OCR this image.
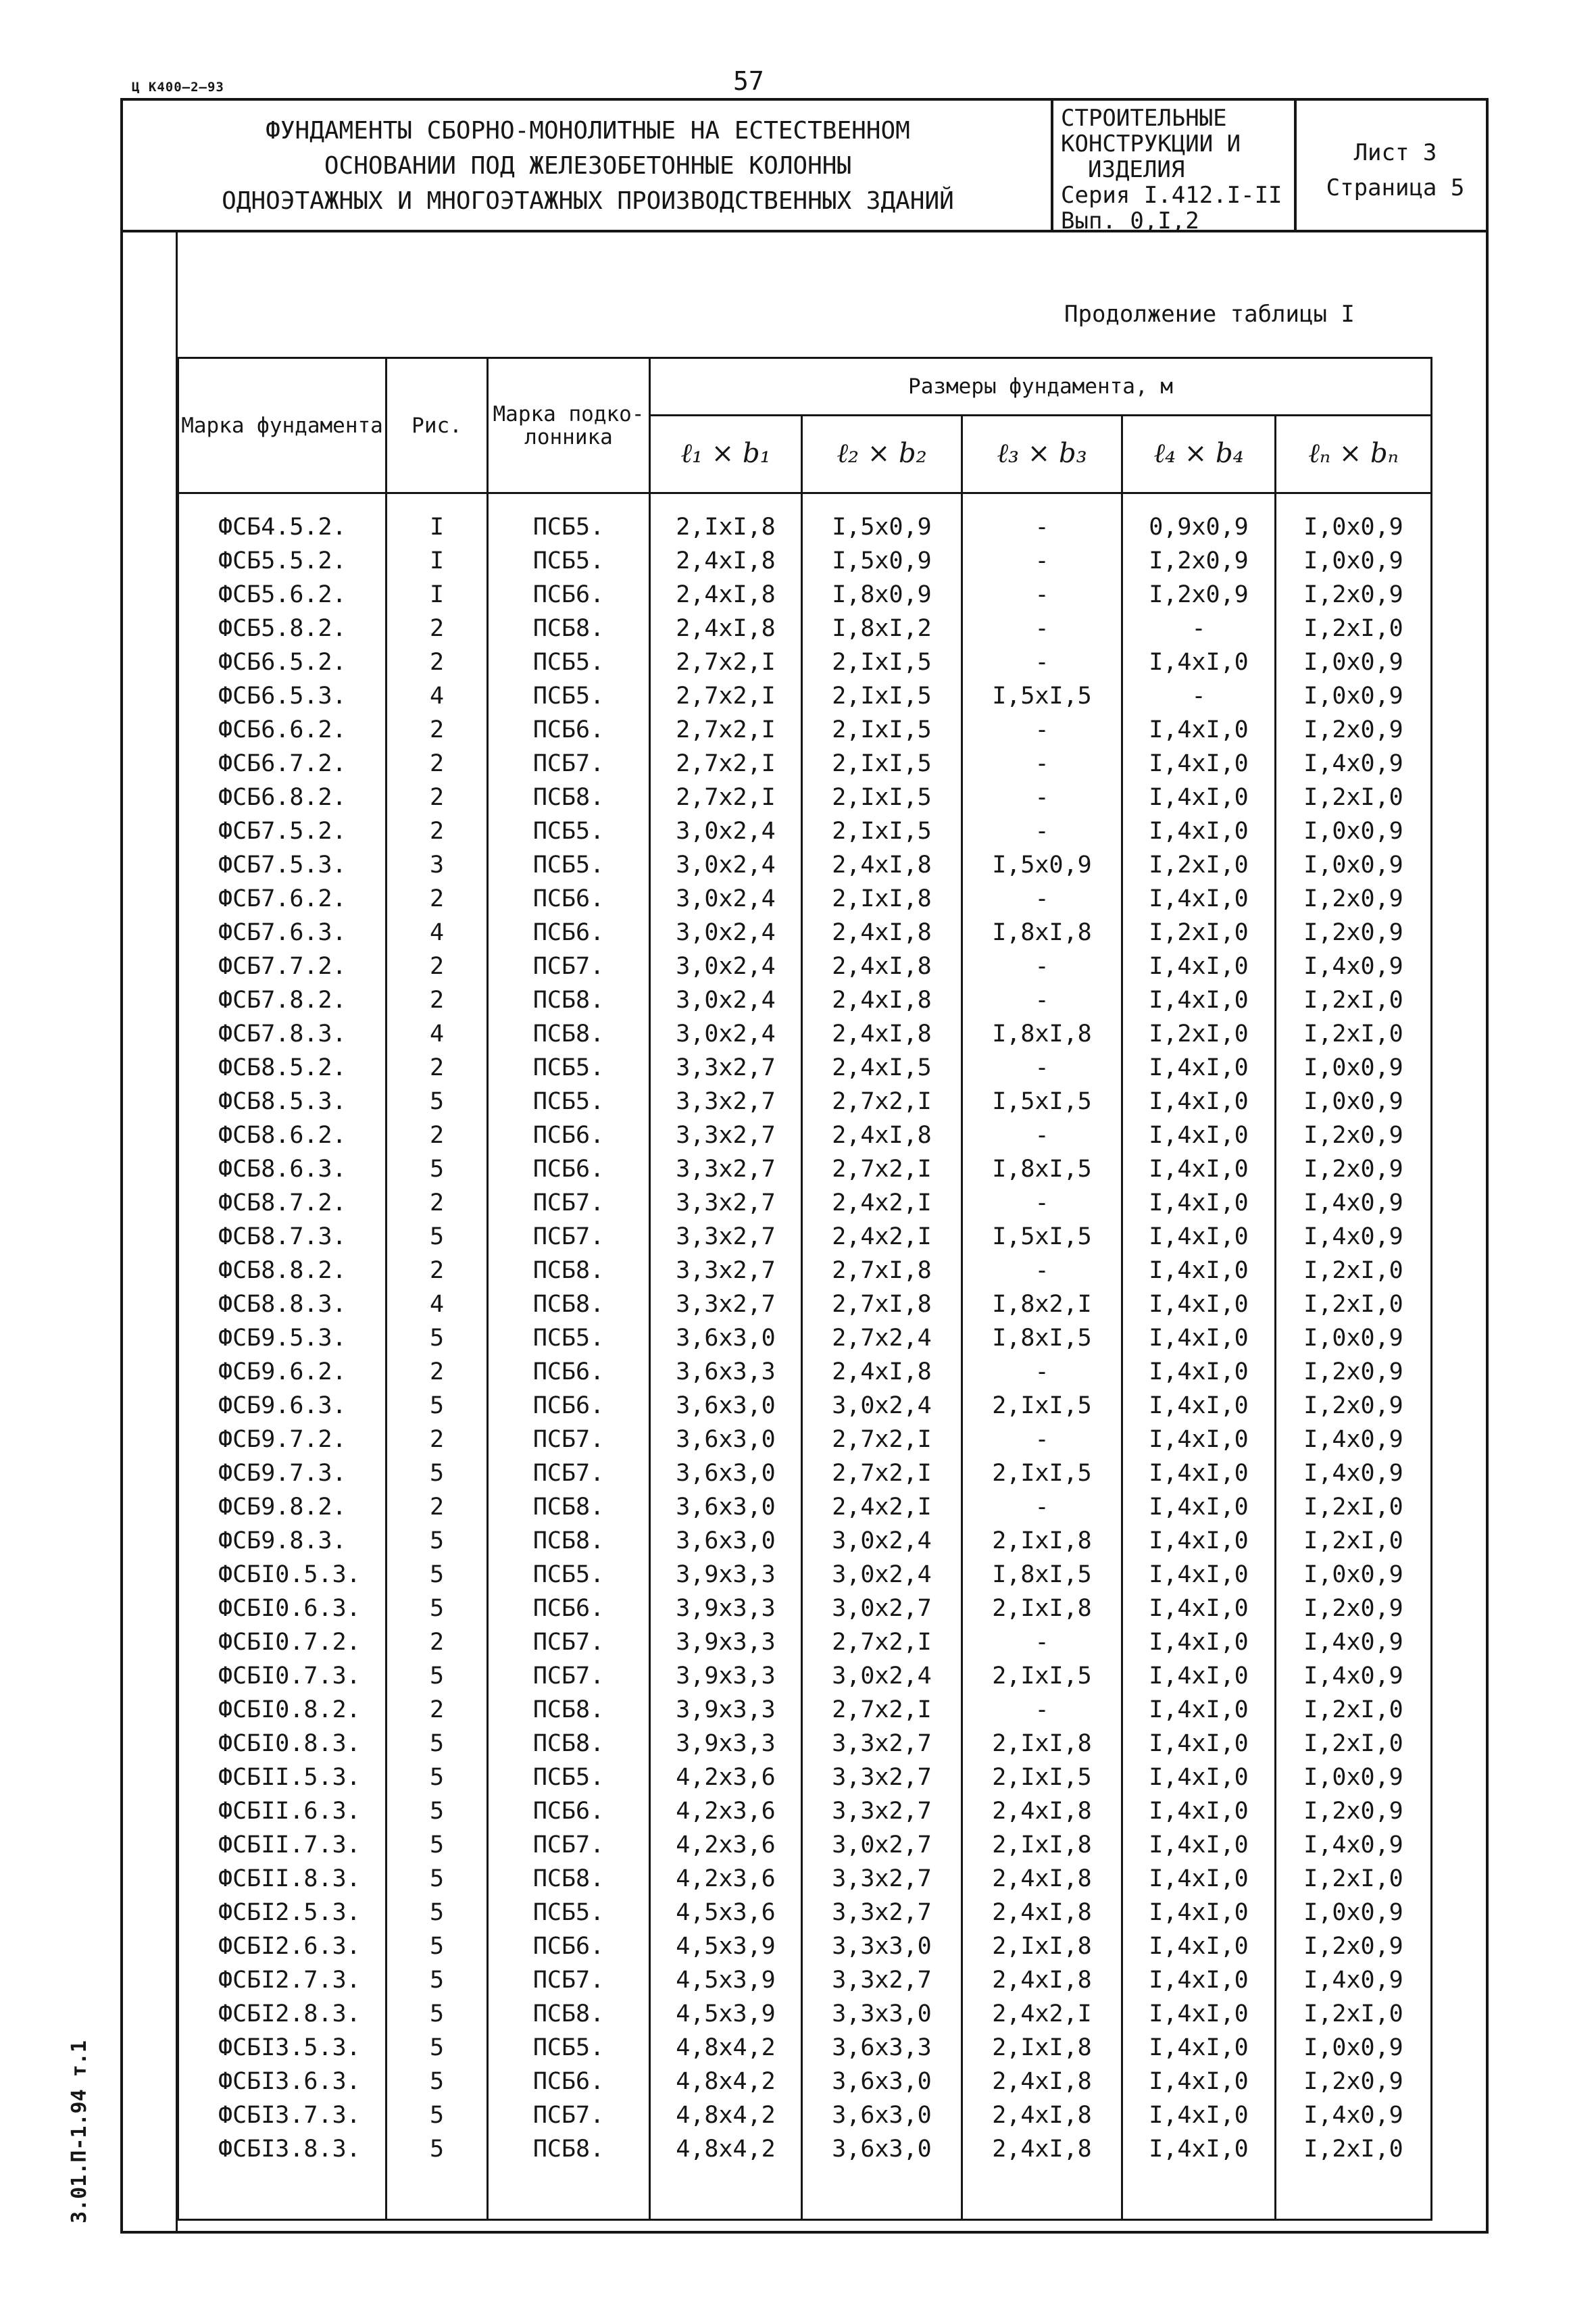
Ц К400—2—93	57
ФУНДАМЕНТЫ СБОРНО-МОНОЛИТНЫЕ НА ЕСТЕСТВЕННОМ
ОСНОВАНИИ ПОД ЖЕЛЕЗОБЕТОННЫЕ КОЛОННЫ
ОДНОЭТАЖНЫХ И МНОГОЭТАЖНЫХ ПРОИЗВОДСТВЕННЫХ ЗДАНИЙ
СТРОИТЕЛЬНЫЕ
КОНСТРУКЦИИ И
ИЗДЕЛИЯ
Серия I.412.I-II
Вып. 0,I,2
Лист 3
Страница 5
3.01.П-1.94 т.1
Продолжение таблицы I
Марка фундамента	Рис.	Марка подко-лонника	Размеры фундамента, м				
			ℓ₁ × b₁	ℓ₂ × b₂	ℓ₃ × b₃	ℓ₄ × b₄	ℓₙ × bₙ
ФСБ4.5.2.	I	ПСБ5.	2,IxI,8	I,5x0,9	-	0,9x0,9	I,0x0,9
ФСБ5.5.2.	I	ПСБ5.	2,4xI,8	I,5x0,9	-	I,2x0,9	I,0x0,9
ФСБ5.6.2.	I	ПСБ6.	2,4xI,8	I,8x0,9	-	I,2x0,9	I,2x0,9
ФСБ5.8.2.	2	ПСБ8.	2,4xI,8	I,8xI,2	-	-	I,2xI,0
ФСБ6.5.2.	2	ПСБ5.	2,7x2,I	2,IxI,5	-	I,4xI,0	I,0x0,9
ФСБ6.5.3.	4	ПСБ5.	2,7x2,I	2,IxI,5	I,5xI,5	-	I,0x0,9
ФСБ6.6.2.	2	ПСБ6.	2,7x2,I	2,IxI,5	-	I,4xI,0	I,2x0,9
ФСБ6.7.2.	2	ПСБ7.	2,7x2,I	2,IxI,5	-	I,4xI,0	I,4x0,9
ФСБ6.8.2.	2	ПСБ8.	2,7x2,I	2,IxI,5	-	I,4xI,0	I,2xI,0
ФСБ7.5.2.	2	ПСБ5.	3,0x2,4	2,IxI,5	-	I,4xI,0	I,0x0,9
ФСБ7.5.3.	3	ПСБ5.	3,0x2,4	2,4xI,8	I,5x0,9	I,2xI,0	I,0x0,9
ФСБ7.6.2.	2	ПСБ6.	3,0x2,4	2,IxI,8	-	I,4xI,0	I,2x0,9
ФСБ7.6.3.	4	ПСБ6.	3,0x2,4	2,4xI,8	I,8xI,8	I,2xI,0	I,2x0,9
ФСБ7.7.2.	2	ПСБ7.	3,0x2,4	2,4xI,8	-	I,4xI,0	I,4x0,9
ФСБ7.8.2.	2	ПСБ8.	3,0x2,4	2,4xI,8	-	I,4xI,0	I,2xI,0
ФСБ7.8.3.	4	ПСБ8.	3,0x2,4	2,4xI,8	I,8xI,8	I,2xI,0	I,2xI,0
ФСБ8.5.2.	2	ПСБ5.	3,3x2,7	2,4xI,5	-	I,4xI,0	I,0x0,9
ФСБ8.5.3.	5	ПСБ5.	3,3x2,7	2,7x2,I	I,5xI,5	I,4xI,0	I,0x0,9
ФСБ8.6.2.	2	ПСБ6.	3,3x2,7	2,4xI,8	-	I,4xI,0	I,2x0,9
ФСБ8.6.3.	5	ПСБ6.	3,3x2,7	2,7x2,I	I,8xI,5	I,4xI,0	I,2x0,9
ФСБ8.7.2.	2	ПСБ7.	3,3x2,7	2,4x2,I	-	I,4xI,0	I,4x0,9
ФСБ8.7.3.	5	ПСБ7.	3,3x2,7	2,4x2,I	I,5xI,5	I,4xI,0	I,4x0,9
ФСБ8.8.2.	2	ПСБ8.	3,3x2,7	2,7xI,8	-	I,4xI,0	I,2xI,0
ФСБ8.8.3.	4	ПСБ8.	3,3x2,7	2,7xI,8	I,8x2,I	I,4xI,0	I,2xI,0
ФСБ9.5.3.	5	ПСБ5.	3,6x3,0	2,7x2,4	I,8xI,5	I,4xI,0	I,0x0,9
ФСБ9.6.2.	2	ПСБ6.	3,6x3,3	2,4xI,8	-	I,4xI,0	I,2x0,9
ФСБ9.6.3.	5	ПСБ6.	3,6x3,0	3,0x2,4	2,IxI,5	I,4xI,0	I,2x0,9
ФСБ9.7.2.	2	ПСБ7.	3,6x3,0	2,7x2,I	-	I,4xI,0	I,4x0,9
ФСБ9.7.3.	5	ПСБ7.	3,6x3,0	2,7x2,I	2,IxI,5	I,4xI,0	I,4x0,9
ФСБ9.8.2.	2	ПСБ8.	3,6x3,0	2,4x2,I	-	I,4xI,0	I,2xI,0
ФСБ9.8.3.	5	ПСБ8.	3,6x3,0	3,0x2,4	2,IxI,8	I,4xI,0	I,2xI,0
ФСБI0.5.3.	5	ПСБ5.	3,9x3,3	3,0x2,4	I,8xI,5	I,4xI,0	I,0x0,9
ФСБI0.6.3.	5	ПСБ6.	3,9x3,3	3,0x2,7	2,IxI,8	I,4xI,0	I,2x0,9
ФСБI0.7.2.	2	ПСБ7.	3,9x3,3	2,7x2,I	-	I,4xI,0	I,4x0,9
ФСБI0.7.3.	5	ПСБ7.	3,9x3,3	3,0x2,4	2,IxI,5	I,4xI,0	I,4x0,9
ФСБI0.8.2.	2	ПСБ8.	3,9x3,3	2,7x2,I	-	I,4xI,0	I,2xI,0
ФСБI0.8.3.	5	ПСБ8.	3,9x3,3	3,3x2,7	2,IxI,8	I,4xI,0	I,2xI,0
ФСБII.5.3.	5	ПСБ5.	4,2x3,6	3,3x2,7	2,IxI,5	I,4xI,0	I,0x0,9
ФСБII.6.3.	5	ПСБ6.	4,2x3,6	3,3x2,7	2,4xI,8	I,4xI,0	I,2x0,9
ФСБII.7.3.	5	ПСБ7.	4,2x3,6	3,0x2,7	2,IxI,8	I,4xI,0	I,4x0,9
ФСБII.8.3.	5	ПСБ8.	4,2x3,6	3,3x2,7	2,4xI,8	I,4xI,0	I,2xI,0
ФСБI2.5.3.	5	ПСБ5.	4,5x3,6	3,3x2,7	2,4xI,8	I,4xI,0	I,0x0,9
ФСБI2.6.3.	5	ПСБ6.	4,5x3,9	3,3x3,0	2,IxI,8	I,4xI,0	I,2x0,9
ФСБI2.7.3.	5	ПСБ7.	4,5x3,9	3,3x2,7	2,4xI,8	I,4xI,0	I,4x0,9
ФСБI2.8.3.	5	ПСБ8.	4,5x3,9	3,3x3,0	2,4x2,I	I,4xI,0	I,2xI,0
ФСБI3.5.3.	5	ПСБ5.	4,8x4,2	3,6x3,3	2,IxI,8	I,4xI,0	I,0x0,9
ФСБI3.6.3.	5	ПСБ6.	4,8x4,2	3,6x3,0	2,4xI,8	I,4xI,0	I,2x0,9
ФСБI3.7.3.	5	ПСБ7.	4,8x4,2	3,6x3,0	2,4xI,8	I,4xI,0	I,4x0,9
ФСБI3.8.3.	5	ПСБ8.	4,8x4,2	3,6x3,0	2,4xI,8	I,4xI,0	I,2xI,0
